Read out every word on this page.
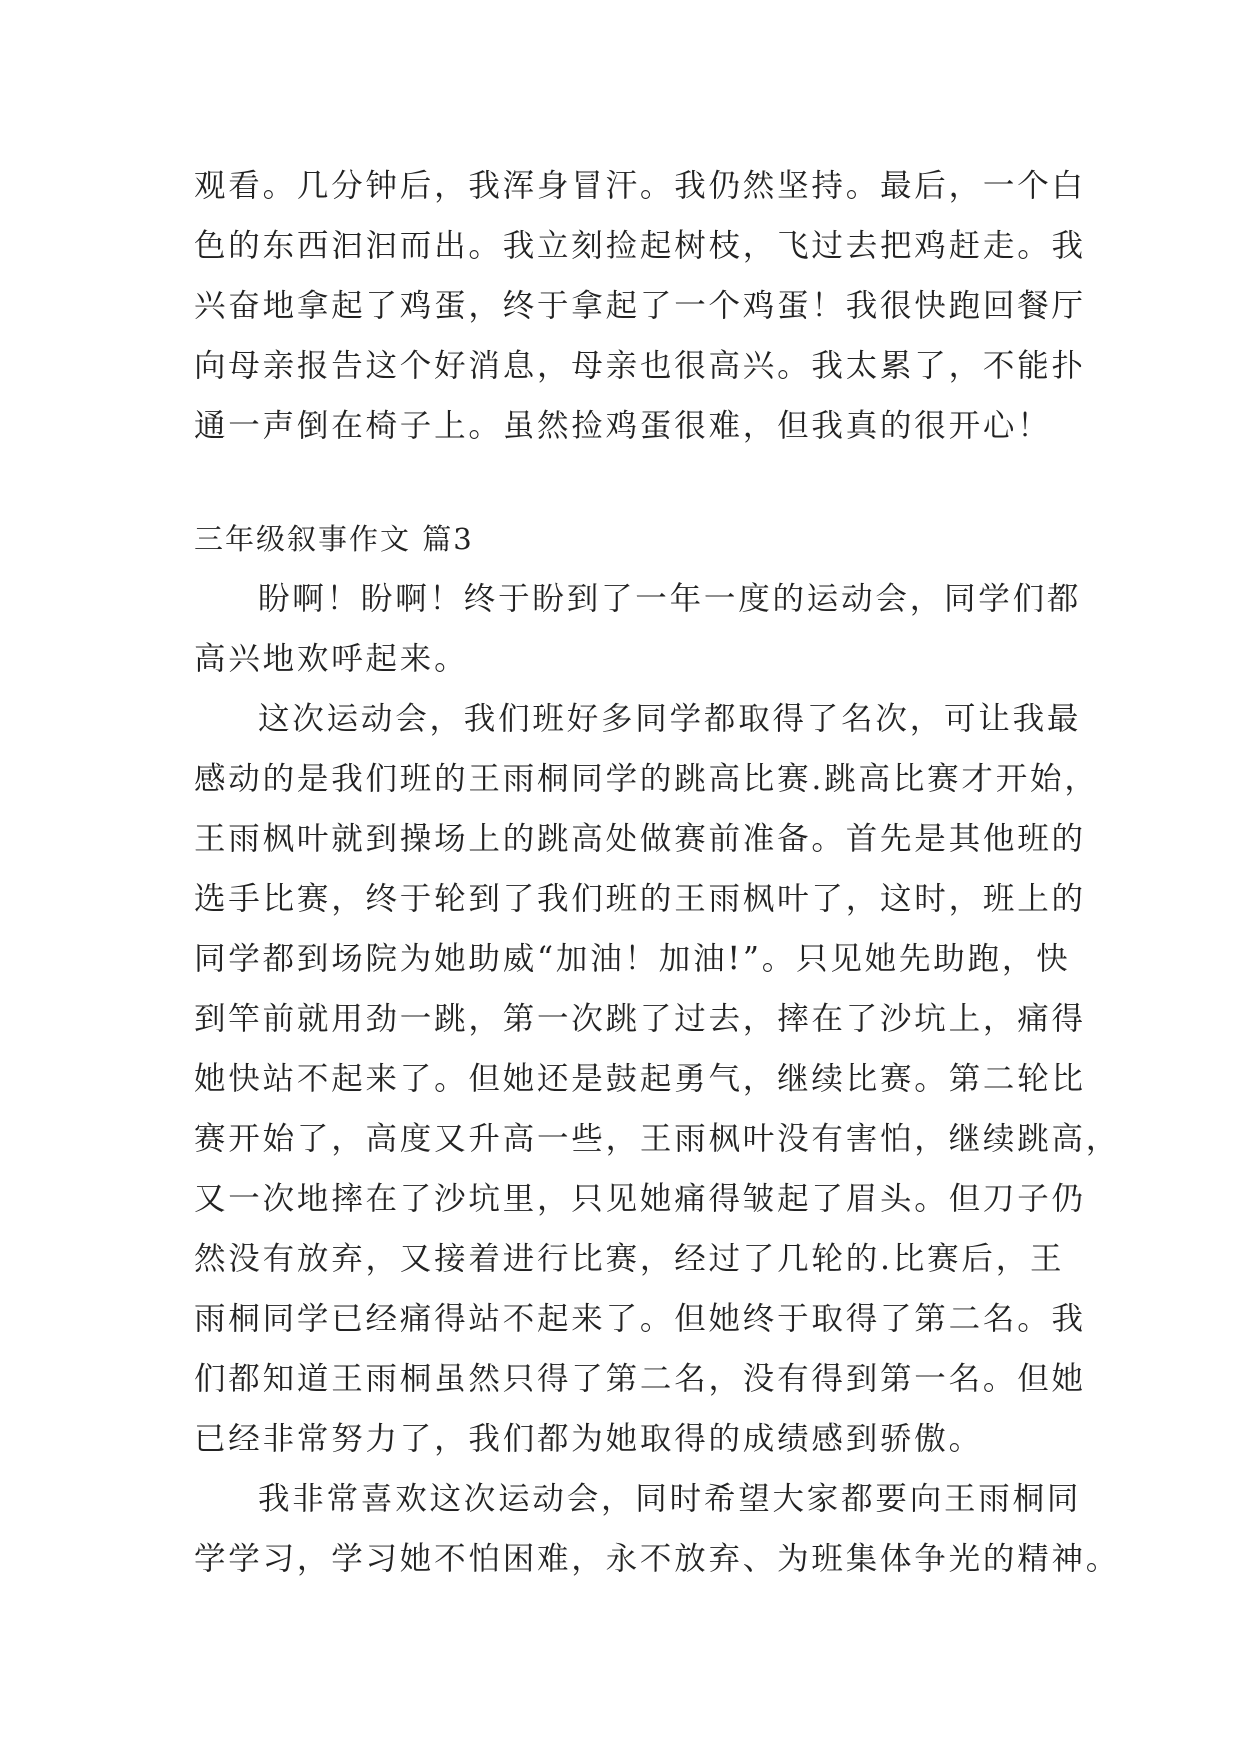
观看。几分钟后，我浑身冒汗。我仍然坚持。最后，一个白
色的东西汩汩而出。我立刻捡起树枝，飞过去把鸡赶走。我
兴奋地拿起了鸡蛋，终于拿起了一个鸡蛋！我很快跑回餐厅
向母亲报告这个好消息，母亲也很高兴。我太累了，不能扑
通一声倒在椅子上。虽然捡鸡蛋很难，但我真的很开心！
三年级叙事作文 篇3
盼啊！盼啊！终于盼到了一年一度的运动会，同学们都
高兴地欢呼起来。
这次运动会，我们班好多同学都取得了名次，可让我最
感动的是我们班的王雨桐同学的跳高比赛.跳高比赛才开始，
王雨枫叶就到操场上的跳高处做赛前准备。首先是其他班的
选手比赛，终于轮到了我们班的王雨枫叶了，这时，班上的
同学都到场院为她助威“加油！加油!”。只见她先助跑，快
到竿前就用劲一跳，第一次跳了过去，摔在了沙坑上，痛得
她快站不起来了。但她还是鼓起勇气，继续比赛。第二轮比
赛开始了，高度又升高一些，王雨枫叶没有害怕，继续跳高，
又一次地摔在了沙坑里，只见她痛得皱起了眉头。但刀子仍
然没有放弃，又接着进行比赛，经过了几轮的.比赛后，王
雨桐同学已经痛得站不起来了。但她终于取得了第二名。我
们都知道王雨桐虽然只得了第二名，没有得到第一名。但她
已经非常努力了，我们都为她取得的成绩感到骄傲。
我非常喜欢这次运动会，同时希望大家都要向王雨桐同
学学习，学习她不怕困难，永不放弃、为班集体争光的精神。
